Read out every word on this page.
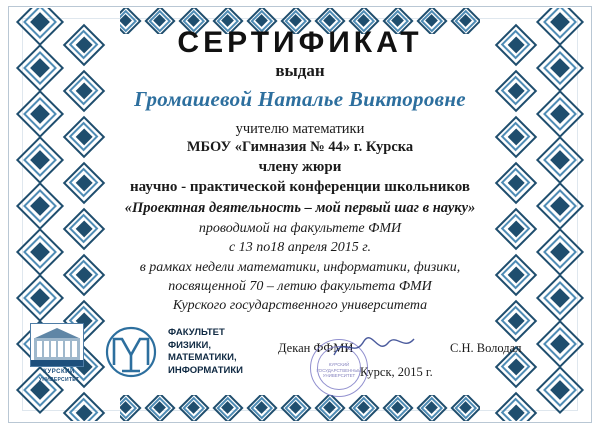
СЕРТИФИКАТ
выдан
Громашевой Наталье Викторовне
учителю математики
МБОУ «Гимназия № 44» г. Курска
члену жюри
научно - практической конференции школьников
«Проектная деятельность – мой первый шаг в науку»
проводимой на факультете ФМИ
с 13 по18 апреля 2015 г.
в рамках недели математики, информатики, физики,
посвященной 70 – летию факультета ФМИ
Курского государственного университета
КУРСКИЙ
УНИВЕРСИТЕТ
ФАКУЛЬТЕТ
ФИЗИКИ,
МАТЕМАТИКИ,
ИНФОРМАТИКИ
Декан ФФМИ	С.Н. Володал
Курск, 2015 г.
КУРСКИЙ ГОСУДАРСТВЕННЫЙ УНИВЕРСИТЕТ
